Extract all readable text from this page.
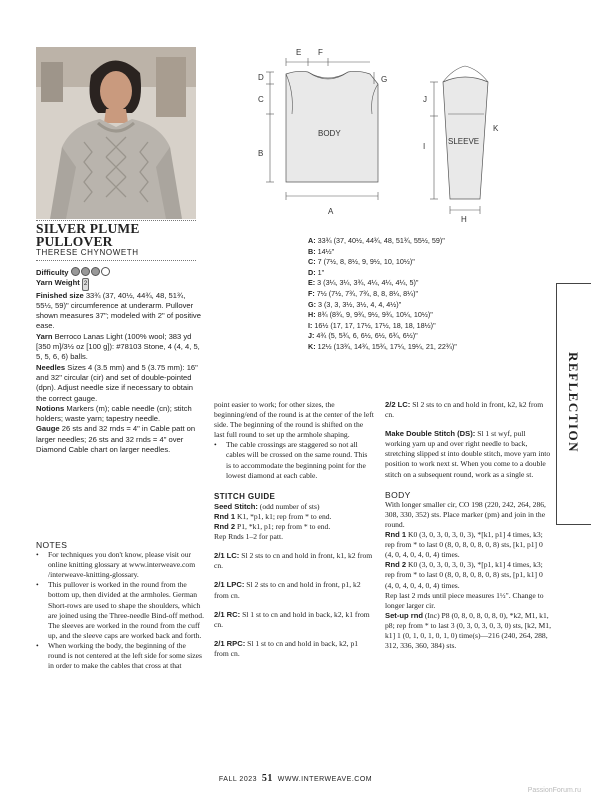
SILVER PLUME
PULLOVER
THERESE CHYNOWETH
Difficulty
Yarn Weight 2
Finished size 33¾ (37, 40½, 44¾, 48, 51¾, 55½, 59)" circumference at underarm. Pullover shown measures 37"; modeled with 2" of positive ease.
Yarn Berroco Lanas Light (100% wool; 383 yd [350 m]/3½ oz [100 g]): #78103 Stone, 4 (4, 4, 5, 5, 5, 6, 6) balls.
Needles Sizes 4 (3.5 mm) and 5 (3.75 mm): 16" and 32" circular (cir) and set of double-pointed (dpn). Adjust needle size if necessary to obtain the correct gauge.
Notions Markers (m); cable needle (cn); stitch holders; waste yarn; tapestry needle.
Gauge 26 sts and 32 rnds = 4" in Cable patt on larger needles; 26 sts and 32 rnds = 4" over Diamond Cable chart on larger needles.
E F
D	G
C
B
A
J
K
I
H
BODY
SLEEVE
A: 33¾ (37, 40½, 44¾, 48, 51¾, 55½, 59)"
B: 14½"
C: 7 (7½, 8, 8½, 9, 9½, 10, 10½)"
D: 1"
E: 3 (3¼, 3¼, 3¾, 4¼, 4¼, 4¼, 5)"
F: 7½ (7½, 7¾, 7¾, 8, 8, 8¼, 8¼)"
G: 3 (3, 3, 3½, 3½, 4, 4, 4½)"
H: 8¾ (8¾, 9, 9¾, 9½, 9¾, 10¼, 10½)"
I: 16½ (17, 17, 17½, 17½, 18, 18, 18½)"
J: 4¾ (5, 5¾, 6, 6½, 6½, 6¾, 6½)"
K: 12½ (13¾, 14¾, 15¾, 17¼, 19¼, 21, 22¾)"
REFLECTION
NOTES
• For techniques you don't know, please visit our online knitting glossary at www.interweave.com /interweave-knitting-glossary.
• This pullover is worked in the round from the bottom up, then divided at the armholes. German Short-rows are used to shape the shoulders, which are joined using the Three-needle Bind-off method. The sleeves are worked in the round from the cuff up, and the sleeve caps are worked back and forth.
• When working the body, the beginning of the round is not centered at the left side for some sizes in order to make the cables that cross at that
point easier to work; for other sizes, the beginning/end of the round is at the center of the left side. The beginning of the round is shifted on the last full round to set up the armhole shaping.
• The cable crossings are staggered so not all cables will be crossed on the same round. This is to accommodate the beginning point for the lowest diamond at each cable.
STITCH GUIDE
Seed Stitch: (odd number of sts)
Rnd 1 K1, *p1, k1; rep from * to end.
Rnd 2 P1, *k1, p1; rep from * to end.
Rep Rnds 1–2 for patt.
2/1 LC: Sl 2 sts to cn and hold in front, k1, k2 from cn.
2/1 LPC: Sl 2 sts to cn and hold in front, p1, k2 from cn.
2/1 RC: Sl 1 st to cn and hold in back, k2, k1 from cn.
2/1 RPC: Sl 1 st to cn and hold in back, k2, p1 from cn.
2/2 LC: Sl 2 sts to cn and hold in front, k2, k2 from cn.
Make Double Stitch (DS): Sl 1 st wyf, pull working yarn up and over right needle to back, stretching slipped st into double stitch, move yarn into position to work next st. When you come to a double stitch on a subsequent round, work as a single st.
BODY
With longer smaller cir, CO 198 (220, 242, 264, 286, 308, 330, 352) sts. Place marker (pm) and join in the round.
Rnd 1 K0 (3, 0, 3, 0, 3, 0, 3), *[k1, p1] 4 times, k3; rep from * to last 0 (8, 0, 8, 0, 8, 0, 8) sts, [k1, p1] 0 (4, 0, 4, 0, 4, 0, 4) times.
Rnd 2 K0 (3, 0, 3, 0, 3, 0, 3), *[p1, k1] 4 times, k3; rep from * to last 0 (8, 0, 8, 0, 8, 0, 8) sts, [p1, k1] 0 (4, 0, 4, 0, 4, 0, 4) times.
Rep last 2 rnds until piece measures 1½". Change to longer larger cir.
Set-up rnd (Inc) P8 (0, 8, 0, 8, 0, 8, 0), *k2, M1, k1, p8; rep from * to last 3 (0, 3, 0, 3, 0, 3, 0) sts, [k2, M1, k1] 1 (0, 1, 0, 1, 0, 1, 0) time(s)—216 (240, 264, 288, 312, 336, 360, 384) sts.
FALL 2023 51 WWW.INTERWEAVE.COM
PassionForum.ru
